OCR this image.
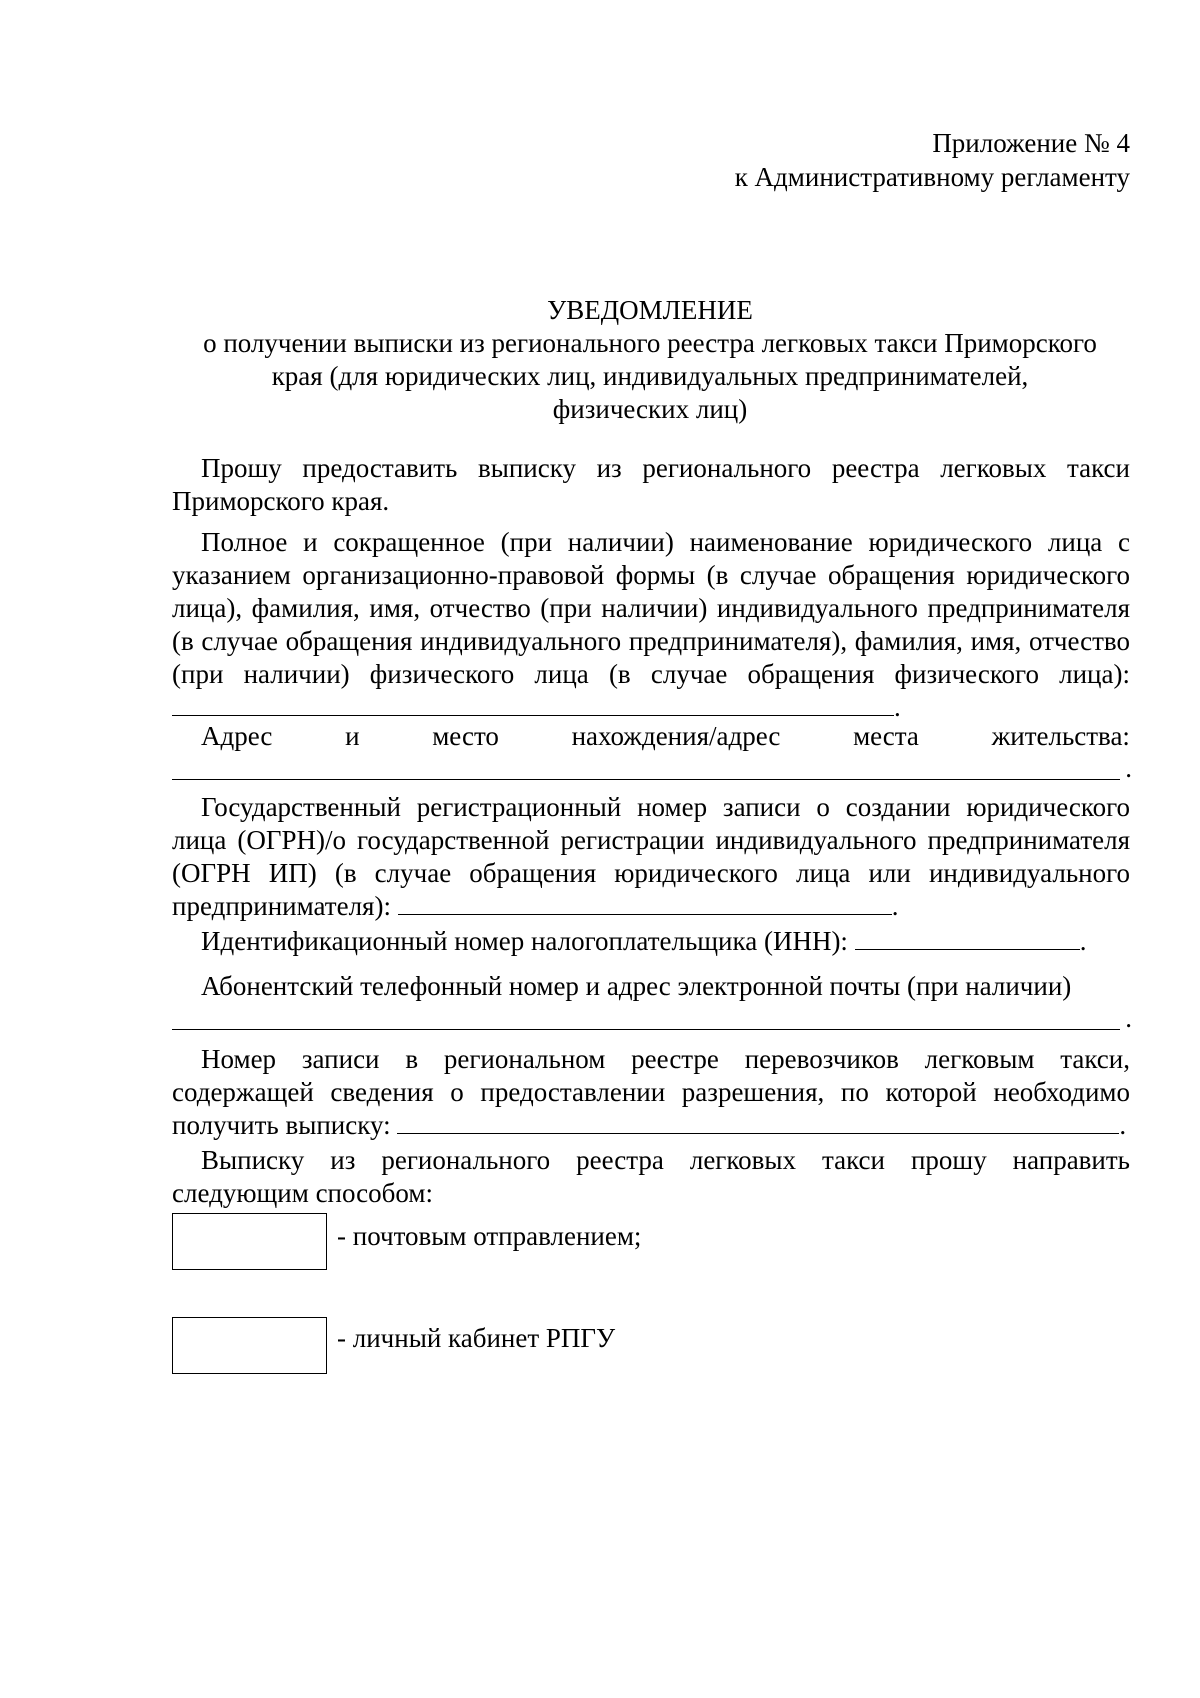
Приложение № 4
к Административному регламенту
УВЕДОМЛЕНИЕ
о получении выписки из регионального реестра легковых такси Приморского
края (для юридических лиц, индивидуальных предпринимателей,
физических лиц)

Прошу предоставить выписку из регионального реестра легковых такси Приморского края.

Полное и сокращенное (при наличии) наименование юридического лица с указанием организационно-правовой формы (в случае обращения юридического лица), фамилия, имя, отчество (при наличии) индивидуального предпринимателя (в случае обращения индивидуального предпринимателя), фамилия, имя, отчество (при наличии) физического лица (в случае обращения физического лица): .

Адрес	и	место	нахождения/адрес	места	жительства:
.

Государственный регистрационный номер записи о создании юридического лица (ОГРН)/о государственной регистрации индивидуального предпринимателя (ОГРН ИП) (в случае обращения юридического лица или индивидуального предпринимателя):	.

Идентификационный номер налогоплательщика (ИНН):	.

Абонентский телефонный номер и адрес электронной почты (при наличии)

.

Номер записи в региональном реестре перевозчиков легковым такси, содержащей сведения о предоставлении разрешения, по которой необходимо получить выписку:	.

Выписку из регионального реестра легковых такси прошу направить следующим способом:

- почтовым отправлением;
- личный кабинет РПГУ
